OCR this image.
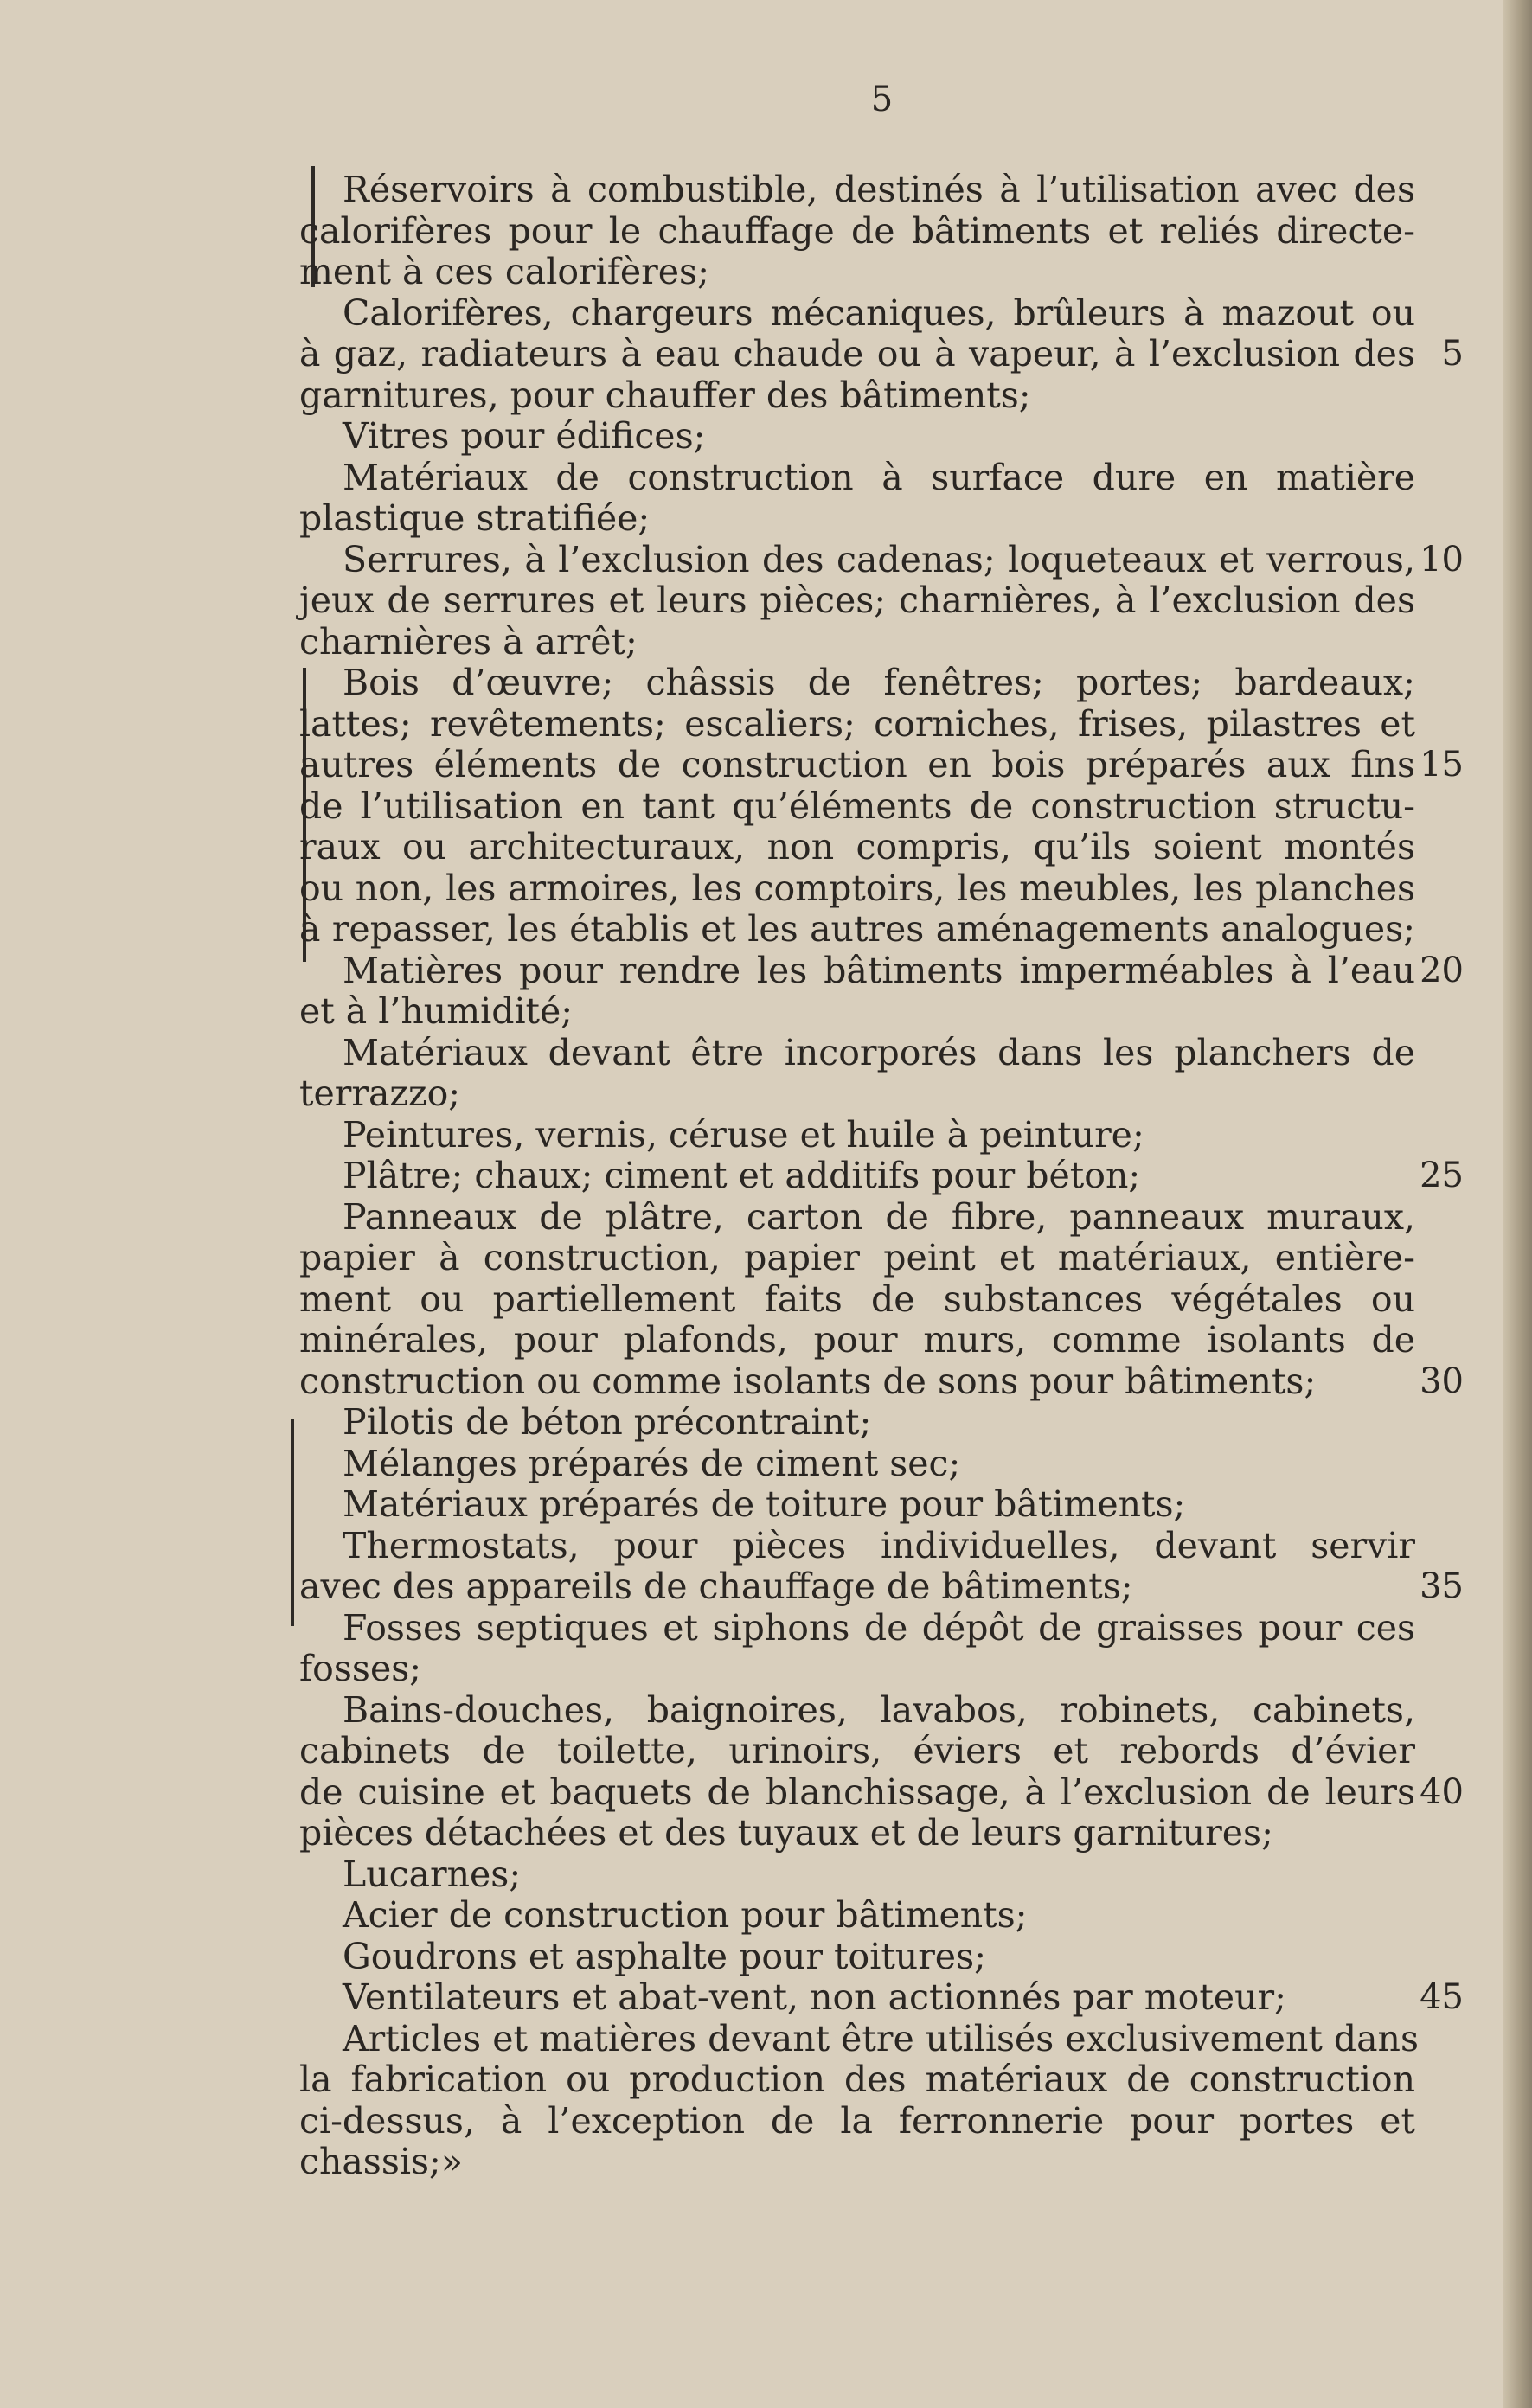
5
Réservoirs à combustible, destinés à l’utilisation avec des
calorifères pour le chauffage de bâtiments et reliés directe-
ment à ces calorifères;
Calorifères, chargeurs mécaniques, brûleurs à mazout ou
à gaz, radiateurs à eau chaude ou à vapeur, à l’exclusion des
garnitures, pour chauffer des bâtiments;
Vitres pour édifices;
Matériaux de construction à surface dure en matière
plastique stratifiée;
Serrures, à l’exclusion des cadenas; loqueteaux et verrous,
jeux de serrures et leurs pièces; charnières, à l’exclusion des
charnières à arrêt;
Bois d’œuvre; châssis de fenêtres; portes; bardeaux;
lattes; revêtements; escaliers; corniches, frises, pilastres et
autres éléments de construction en bois préparés aux fins
de l’utilisation en tant qu’éléments de construction structu-
raux ou architecturaux, non compris, qu’ils soient montés
ou non, les armoires, les comptoirs, les meubles, les planches
à repasser, les établis et les autres aménagements analogues;
Matières pour rendre les bâtiments imperméables à l’eau
et à l’humidité;
Matériaux devant être incorporés dans les planchers de
terrazzo;
Peintures, vernis, céruse et huile à peinture;
Plâtre; chaux; ciment et additifs pour béton;
Panneaux de plâtre, carton de fibre, panneaux muraux,
papier à construction, papier peint et matériaux, entière-
ment ou partiellement faits de substances végétales ou
minérales, pour plafonds, pour murs, comme isolants de
construction ou comme isolants de sons pour bâtiments;
Pilotis de béton précontraint;
Mélanges préparés de ciment sec;
Matériaux préparés de toiture pour bâtiments;
Thermostats, pour pièces individuelles, devant servir
avec des appareils de chauffage de bâtiments;
Fosses septiques et siphons de dépôt de graisses pour ces
fosses;
Bains-douches, baignoires, lavabos, robinets, cabinets,
cabinets de toilette, urinoirs, éviers et rebords d’évier
de cuisine et baquets de blanchissage, à l’exclusion de leurs
pièces détachées et des tuyaux et de leurs garnitures;
Lucarnes;
Acier de construction pour bâtiments;
Goudrons et asphalte pour toitures;
Ventilateurs et abat-vent, non actionnés par moteur;
Articles et matières devant être utilisés exclusivement dans
la fabrication ou production des matériaux de construction
ci-dessus, à l’exception de la ferronnerie pour portes et
chassis;»
5
10
15
20
25
30
35
40
45
